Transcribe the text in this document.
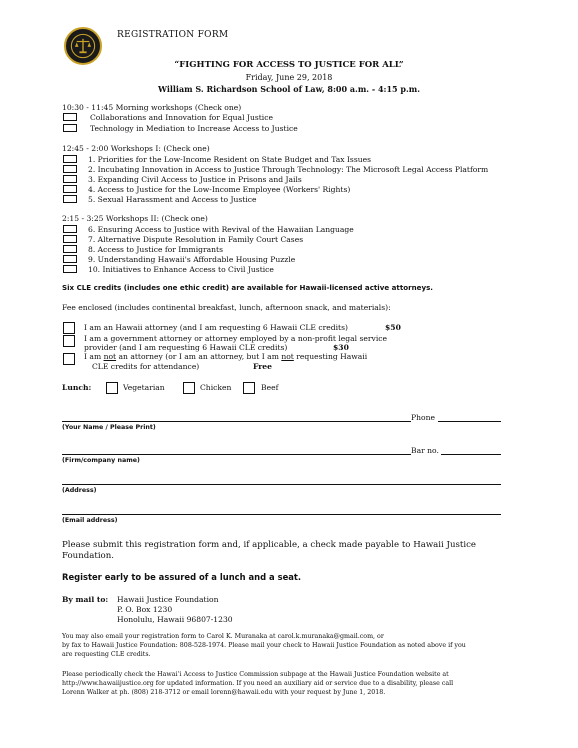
REGISTRATION FORM
“FIGHTING FOR ACCESS TO JUSTICE FOR ALL”
Friday, June 29, 2018
William S. Richardson School of Law, 8:00 a.m. - 4:15 p.m.
10:30 - 11:45 Morning workshops (Check one)
Collaborations and Innovation for Equal Justice
Technology in Mediation to Increase Access to Justice
12:45 - 2:00 Workshops I: (Check one)
1. Priorities for the Low-Income Resident on State Budget and Tax Issues
2. Incubating Innovation in Access to Justice Through Technology: The Microsoft Legal Access Platform
3. Expanding Civil Access to Justice in Prisons and Jails
4. Access to Justice for the Low-Income Employee (Workers' Rights)
5. Sexual Harassment and Access to Justice
2:15 - 3:25 Workshops II: (Check one)
6. Ensuring Access to Justice with Revival of the Hawaiian Language
7. Alternative Dispute Resolution in Family Court Cases
8. Access to Justice for Immigrants
9. Understanding Hawaii's Affordable Housing Puzzle
10. Initiatives to Enhance Access to Civil Justice
Six CLE credits (includes one ethic credit) are available for Hawaii-licensed active attorneys.
Fee enclosed (includes continental breakfast, lunch, afternoon snack, and materials):
I am an Hawaii attorney (and I am requesting 6 Hawaii CLE credits)	$50
I am a government attorney or attorney employed by a non-profit legal service
provider (and I am requesting 6 Hawaii CLE credits)	$30
I am not an attorney (or I am an attorney, but I am not requesting Hawaii
CLE credits for attendance)	Free
Lunch:	Vegetarian	Chicken	Beef
Phone
(Your Name / Please Print)
Bar no.
(Firm/company name)
(Address)
(Email address)
Please submit this registration form and, if applicable, a check made payable to Hawaii Justice
Foundation.
Register early to be assured of a lunch and a seat.
By mail to: Hawaii Justice Foundation
P. O. Box 1230
Honolulu, Hawaii 96807-1230
You may also email your registration form to Carol K. Muranaka at carol.k.muranaka@gmail.com, or
by fax to Hawaii Justice Foundation: 808-528-1974. Please mail your check to Hawaii Justice Foundation as noted above if you
are requesting CLE credits.
Please periodically check the Hawaiʻi Access to Justice Commission subpage at the Hawaii Justice Foundation website at
http://www.hawaiijustice.org for updated information. If you need an auxiliary aid or service due to a disability, please call
Lorenn Walker at ph. (808) 218-3712 or email lorenn@hawaii.edu with your request by June 1, 2018.
